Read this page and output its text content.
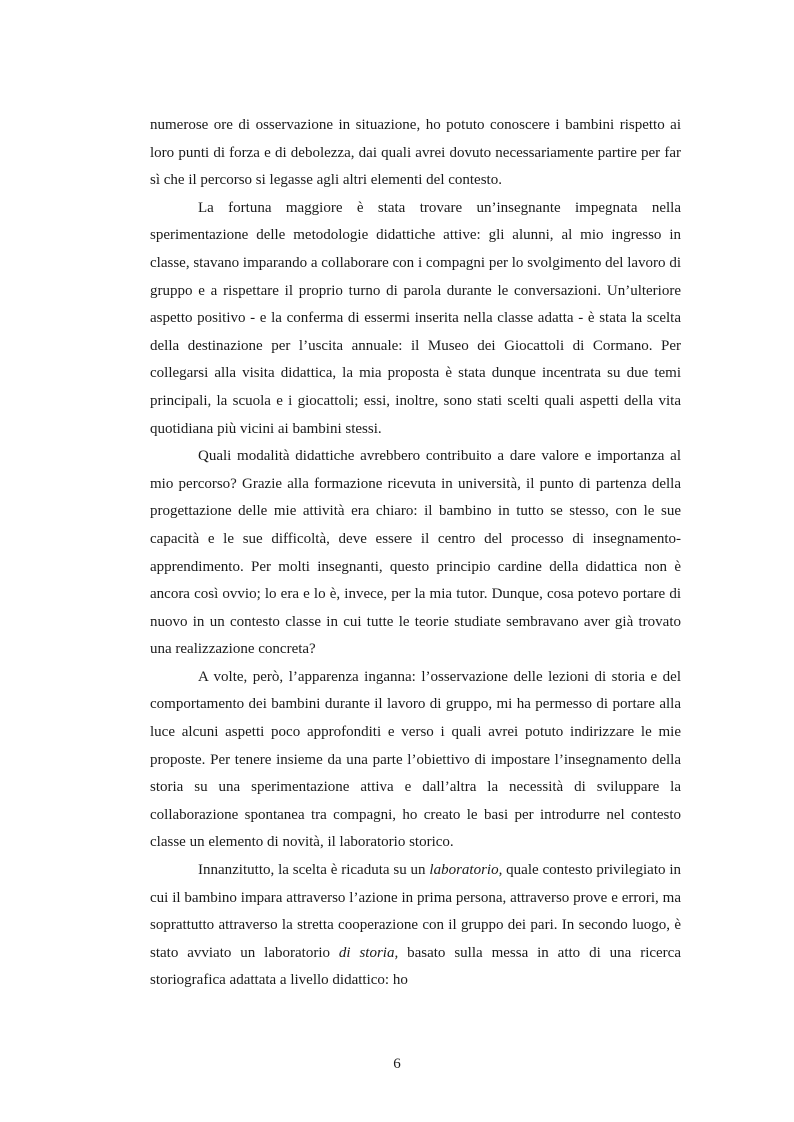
numerose ore di osservazione in situazione, ho potuto conoscere i bambini rispetto ai loro punti di forza e di debolezza, dai quali avrei dovuto necessariamente partire per far sì che il percorso si legasse agli altri elementi del contesto.

La fortuna maggiore è stata trovare un’insegnante impegnata nella sperimentazione delle metodologie didattiche attive: gli alunni, al mio ingresso in classe, stavano imparando a collaborare con i compagni per lo svolgimento del lavoro di gruppo e a rispettare il proprio turno di parola durante le conversazioni. Un’ulteriore aspetto positivo - e la conferma di essermi inserita nella classe adatta - è stata la scelta della destinazione per l’uscita annuale: il Museo dei Giocattoli di Cormano. Per collegarsi alla visita didattica, la mia proposta è stata dunque incentrata su due temi principali, la scuola e i giocattoli; essi, inoltre, sono stati scelti quali aspetti della vita quotidiana più vicini ai bambini stessi.

Quali modalità didattiche avrebbero contribuito a dare valore e importanza al mio percorso? Grazie alla formazione ricevuta in università, il punto di partenza della progettazione delle mie attività era chiaro: il bambino in tutto se stesso, con le sue capacità e le sue difficoltà, deve essere il centro del processo di insegnamento-apprendimento. Per molti insegnanti, questo principio cardine della didattica non è ancora così ovvio; lo era e lo è, invece, per la mia tutor. Dunque, cosa potevo portare di nuovo in un contesto classe in cui tutte le teorie studiate sembravano aver già trovato una realizzazione concreta?

A volte, però, l’apparenza inganna: l’osservazione delle lezioni di storia e del comportamento dei bambini durante il lavoro di gruppo, mi ha permesso di portare alla luce alcuni aspetti poco approfonditi e verso i quali avrei potuto indirizzare le mie proposte. Per tenere insieme da una parte l’obiettivo di impostare l’insegnamento della storia su una sperimentazione attiva e dall’altra la necessità di sviluppare la collaborazione spontanea tra compagni, ho creato le basi per introdurre nel contesto classe un elemento di novità, il laboratorio storico.

Innanzitutto, la scelta è ricaduta su un laboratorio, quale contesto privilegiato in cui il bambino impara attraverso l’azione in prima persona, attraverso prove e errori, ma soprattutto attraverso la stretta cooperazione con il gruppo dei pari. In secondo luogo, è stato avviato un laboratorio di storia, basato sulla messa in atto di una ricerca storiografica adattata a livello didattico: ho

6
